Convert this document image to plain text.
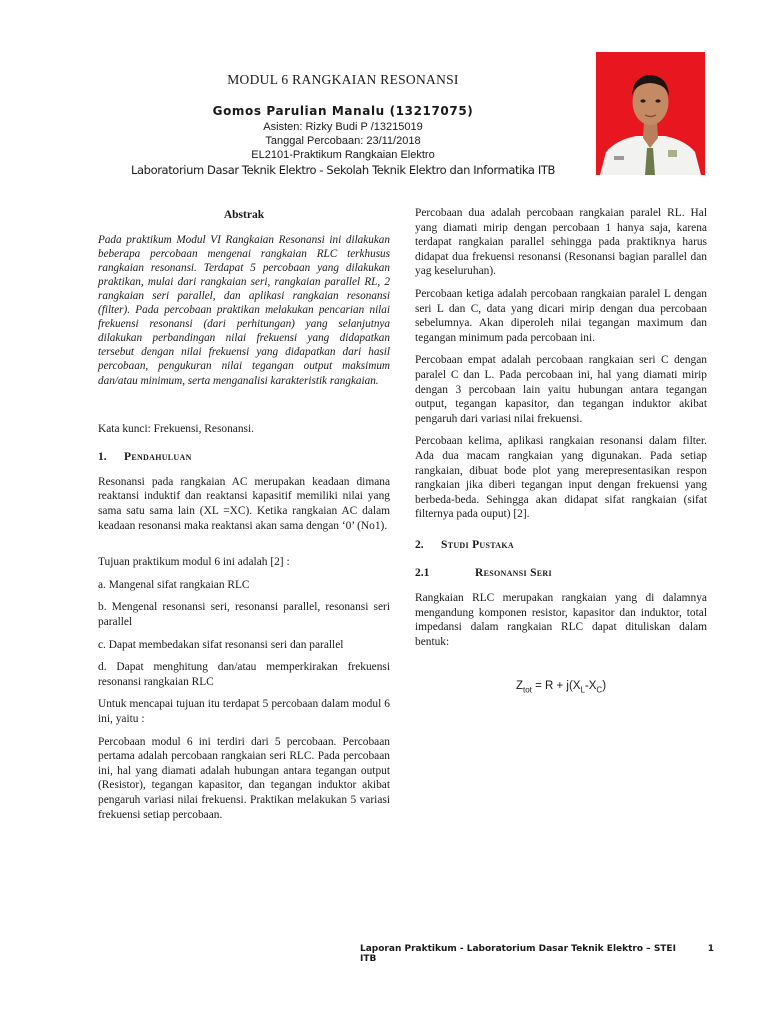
MODUL 6 RANGKAIAN RESONANSI
Gomos Parulian Manalu (13217075)
Asisten: Rizky Budi P /13215019
Tanggal Percobaan: 23/11/2018
EL2101-Praktikum Rangkaian Elektro
Laboratorium Dasar Teknik Elektro - Sekolah Teknik Elektro dan Informatika ITB
Abstrak

Pada praktikum Modul VI Rangkaian Resonansi ini dilakukan beberapa percobaan mengenai rangkaian RLC terkhusus rangkaian resonansi. Terdapat 5 percobaan yang dilakukan praktikan, mulai dari rangkaian seri, rangkaian parallel RL, 2 rangkaian seri parallel, dan aplikasi rangkaian resonansi (filter). Pada percobaan praktikan melakukan pencarian nilai frekuensi resonansi (dari perhitungan) yang selanjutnya dilakukan perbandingan nilai frekuensi yang didapatkan tersebut dengan nilai frekuensi yang didapatkan dari hasil percobaan, pengukuran nilai tegangan output maksimum dan/atau minimum, serta menganalisi karakteristik rangkaian.

Kata kunci: Frekuensi, Resonansi.

1.	Pendahuluan

Resonansi pada rangkaian AC merupakan keadaan dimana reaktansi induktif dan reaktansi kapasitif memiliki nilai yang sama satu sama lain (XL =XC). Ketika rangkaian AC dalam keadaan resonansi maka reaktansi akan sama dengan ‘0’ (No1).

Tujuan praktikum modul 6 ini adalah [2] :

a. Mangenal sifat rangkaian RLC

b. Mengenal resonansi seri, resonansi parallel, resonansi seri parallel

c. Dapat membedakan sifat resonansi seri dan parallel

d. Dapat menghitung dan/atau memperkirakan frekuensi resonansi rangkaian RLC

Untuk mencapai tujuan itu terdapat 5 percobaan dalam modul 6 ini, yaitu :

Percobaan modul 6 ini terdiri dari 5 percobaan. Percobaan pertama adalah percobaan rangkaian seri RLC. Pada percobaan ini, hal yang diamati adalah hubungan antara tegangan output (Resistor), tegangan kapasitor, dan tegangan induktor akibat pengaruh variasi nilai frekuensi. Praktikan melakukan 5 variasi frekuensi setiap percobaan.

Percobaan dua adalah percobaan rangkaian paralel RL. Hal yang diamati mirip dengan percobaan 1 hanya saja, karena terdapat rangkaian parallel sehingga pada praktiknya harus didapat dua frekuensi resonansi (Resonansi bagian parallel dan yag keseluruhan).

Percobaan ketiga adalah percobaan rangkaian paralel L dengan seri L dan C, data yang dicari mirip dengan dua percobaan sebelumnya. Akan diperoleh nilai tegangan maximum dan tegangan minimum pada percobaan ini.

Percobaan empat adalah percobaan rangkaian seri C dengan paralel C dan L. Pada percobaan ini, hal yang diamati mirip dengan 3 percobaan lain yaitu hubungan antara tegangan output, tegangan kapasitor, dan tegangan induktor akibat pengaruh dari variasi nilai frekuensi.

Percobaan kelima, aplikasi rangkaian resonansi dalam filter. Ada dua macam rangkaian yang digunakan. Pada setiap rangkaian, dibuat bode plot yang merepresentasikan respon rangkaian jika diberi tegangan input dengan frekuensi yang berbeda-beda. Sehingga akan didapat sifat rangkaian (sifat filternya pada ouput) [2].

2.	Studi Pustaka
2.1	Resonansi Seri

Rangkaian RLC merupakan rangkaian yang di dalamnya mengandung komponen resistor, kapasitor dan induktor, total impedansi dalam rangkaian RLC dapat dituliskan dalam bentuk:

$Z_{tot} = R + j(X_L-X_C)$
Laporan Praktikum - Laboratorium Dasar Teknik Elektro – STEI ITB
1
